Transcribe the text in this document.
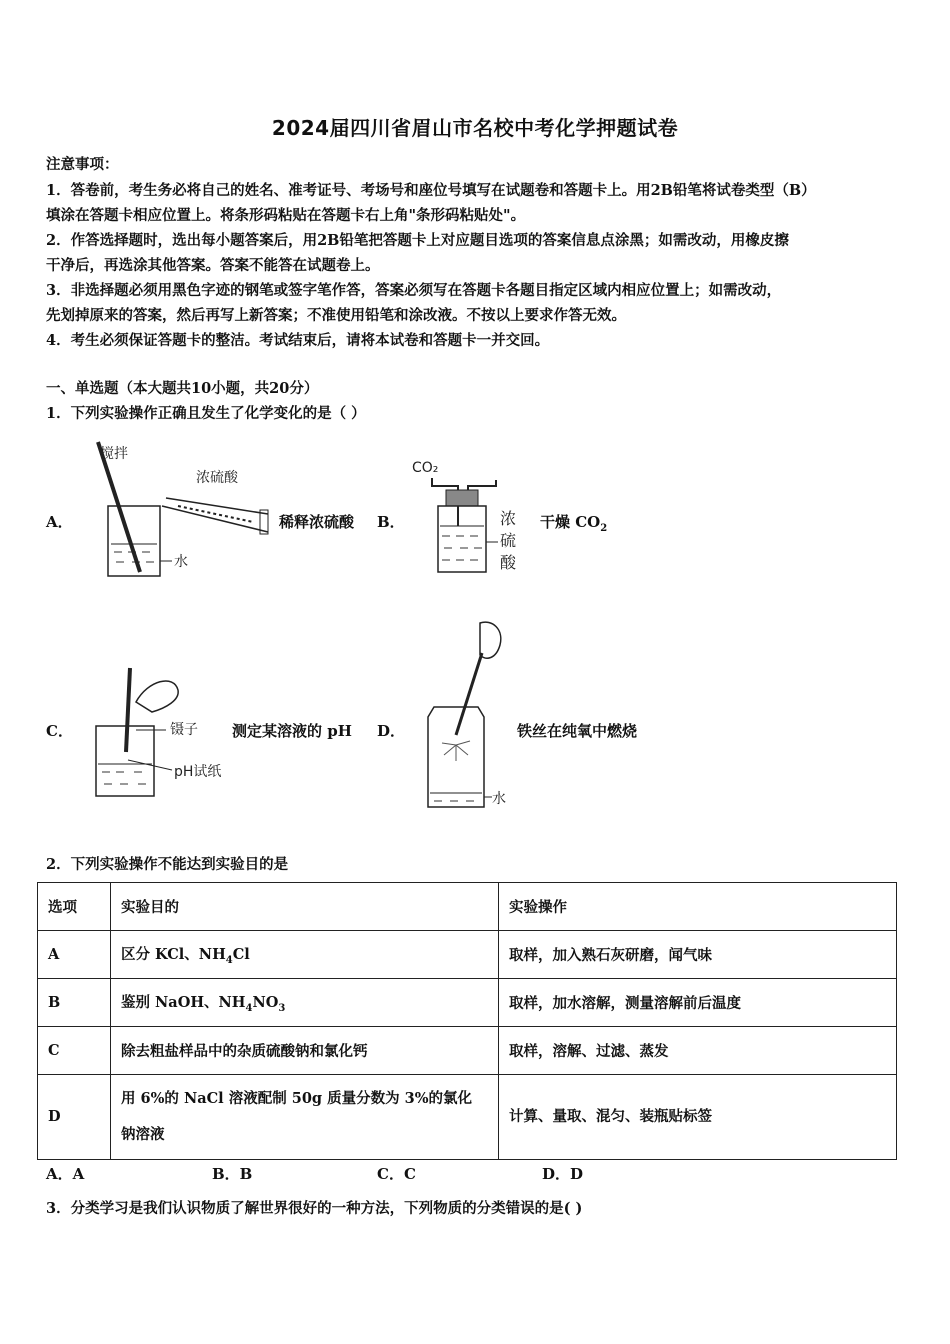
2024届四川省眉山市名校中考化学押题试卷
注意事项：
1．答卷前，考生务必将自己的姓名、准考证号、考场号和座位号填写在试题卷和答题卡上。用2B铅笔将试卷类型（B）
填涂在答题卡相应位置上。将条形码粘贴在答题卡右上角"条形码粘贴处"。
2．作答选择题时，选出每小题答案后，用2B铅笔把答题卡上对应题目选项的答案信息点涂黑；如需改动，用橡皮擦
干净后，再选涂其他答案。答案不能答在试题卷上。
3．非选择题必须用黑色字迹的钢笔或签字笔作答，答案必须写在答题卡各题目指定区域内相应位置上；如需改动，
先划掉原来的答案，然后再写上新答案；不准使用铅笔和涂改液。不按以上要求作答无效。
4．考生必须保证答题卡的整洁。考试结束后，请将本试卷和答题卡一并交回。
一、单选题（本大题共10小题，共20分）
1．下列实验操作正确且发生了化学变化的是（ ）
A．
搅拌
浓硫酸
水
稀释浓硫酸 B．
CO₂
浓
硫
酸
干燥 $CO_2$
C．	镊子
pH试纸
测定某溶液的 pH D．
水
铁丝在纯氧中燃烧
2．下列实验操作不能达到实验目的是
选项	实验目的	实验操作
A	区分 KCl、$NH_4Cl$	取样，加入熟石灰研磨，闻气味
B	鉴别 NaOH、$NH_4NO_3$	取样，加水溶解，测量溶解前后温度
C	除去粗盐样品中的杂质硫酸钠和氯化钙	取样，溶解、过滤、蒸发
D	用 6%的 NaCl 溶液配制 50g 质量分数为 3%的氯化
钠溶液	计算、量取、混匀、装瓶贴标签
A．A	B．B	C．C	D．D
3．分类学习是我们认识物质了解世界很好的一种方法，下列物质的分类错误的是( )
